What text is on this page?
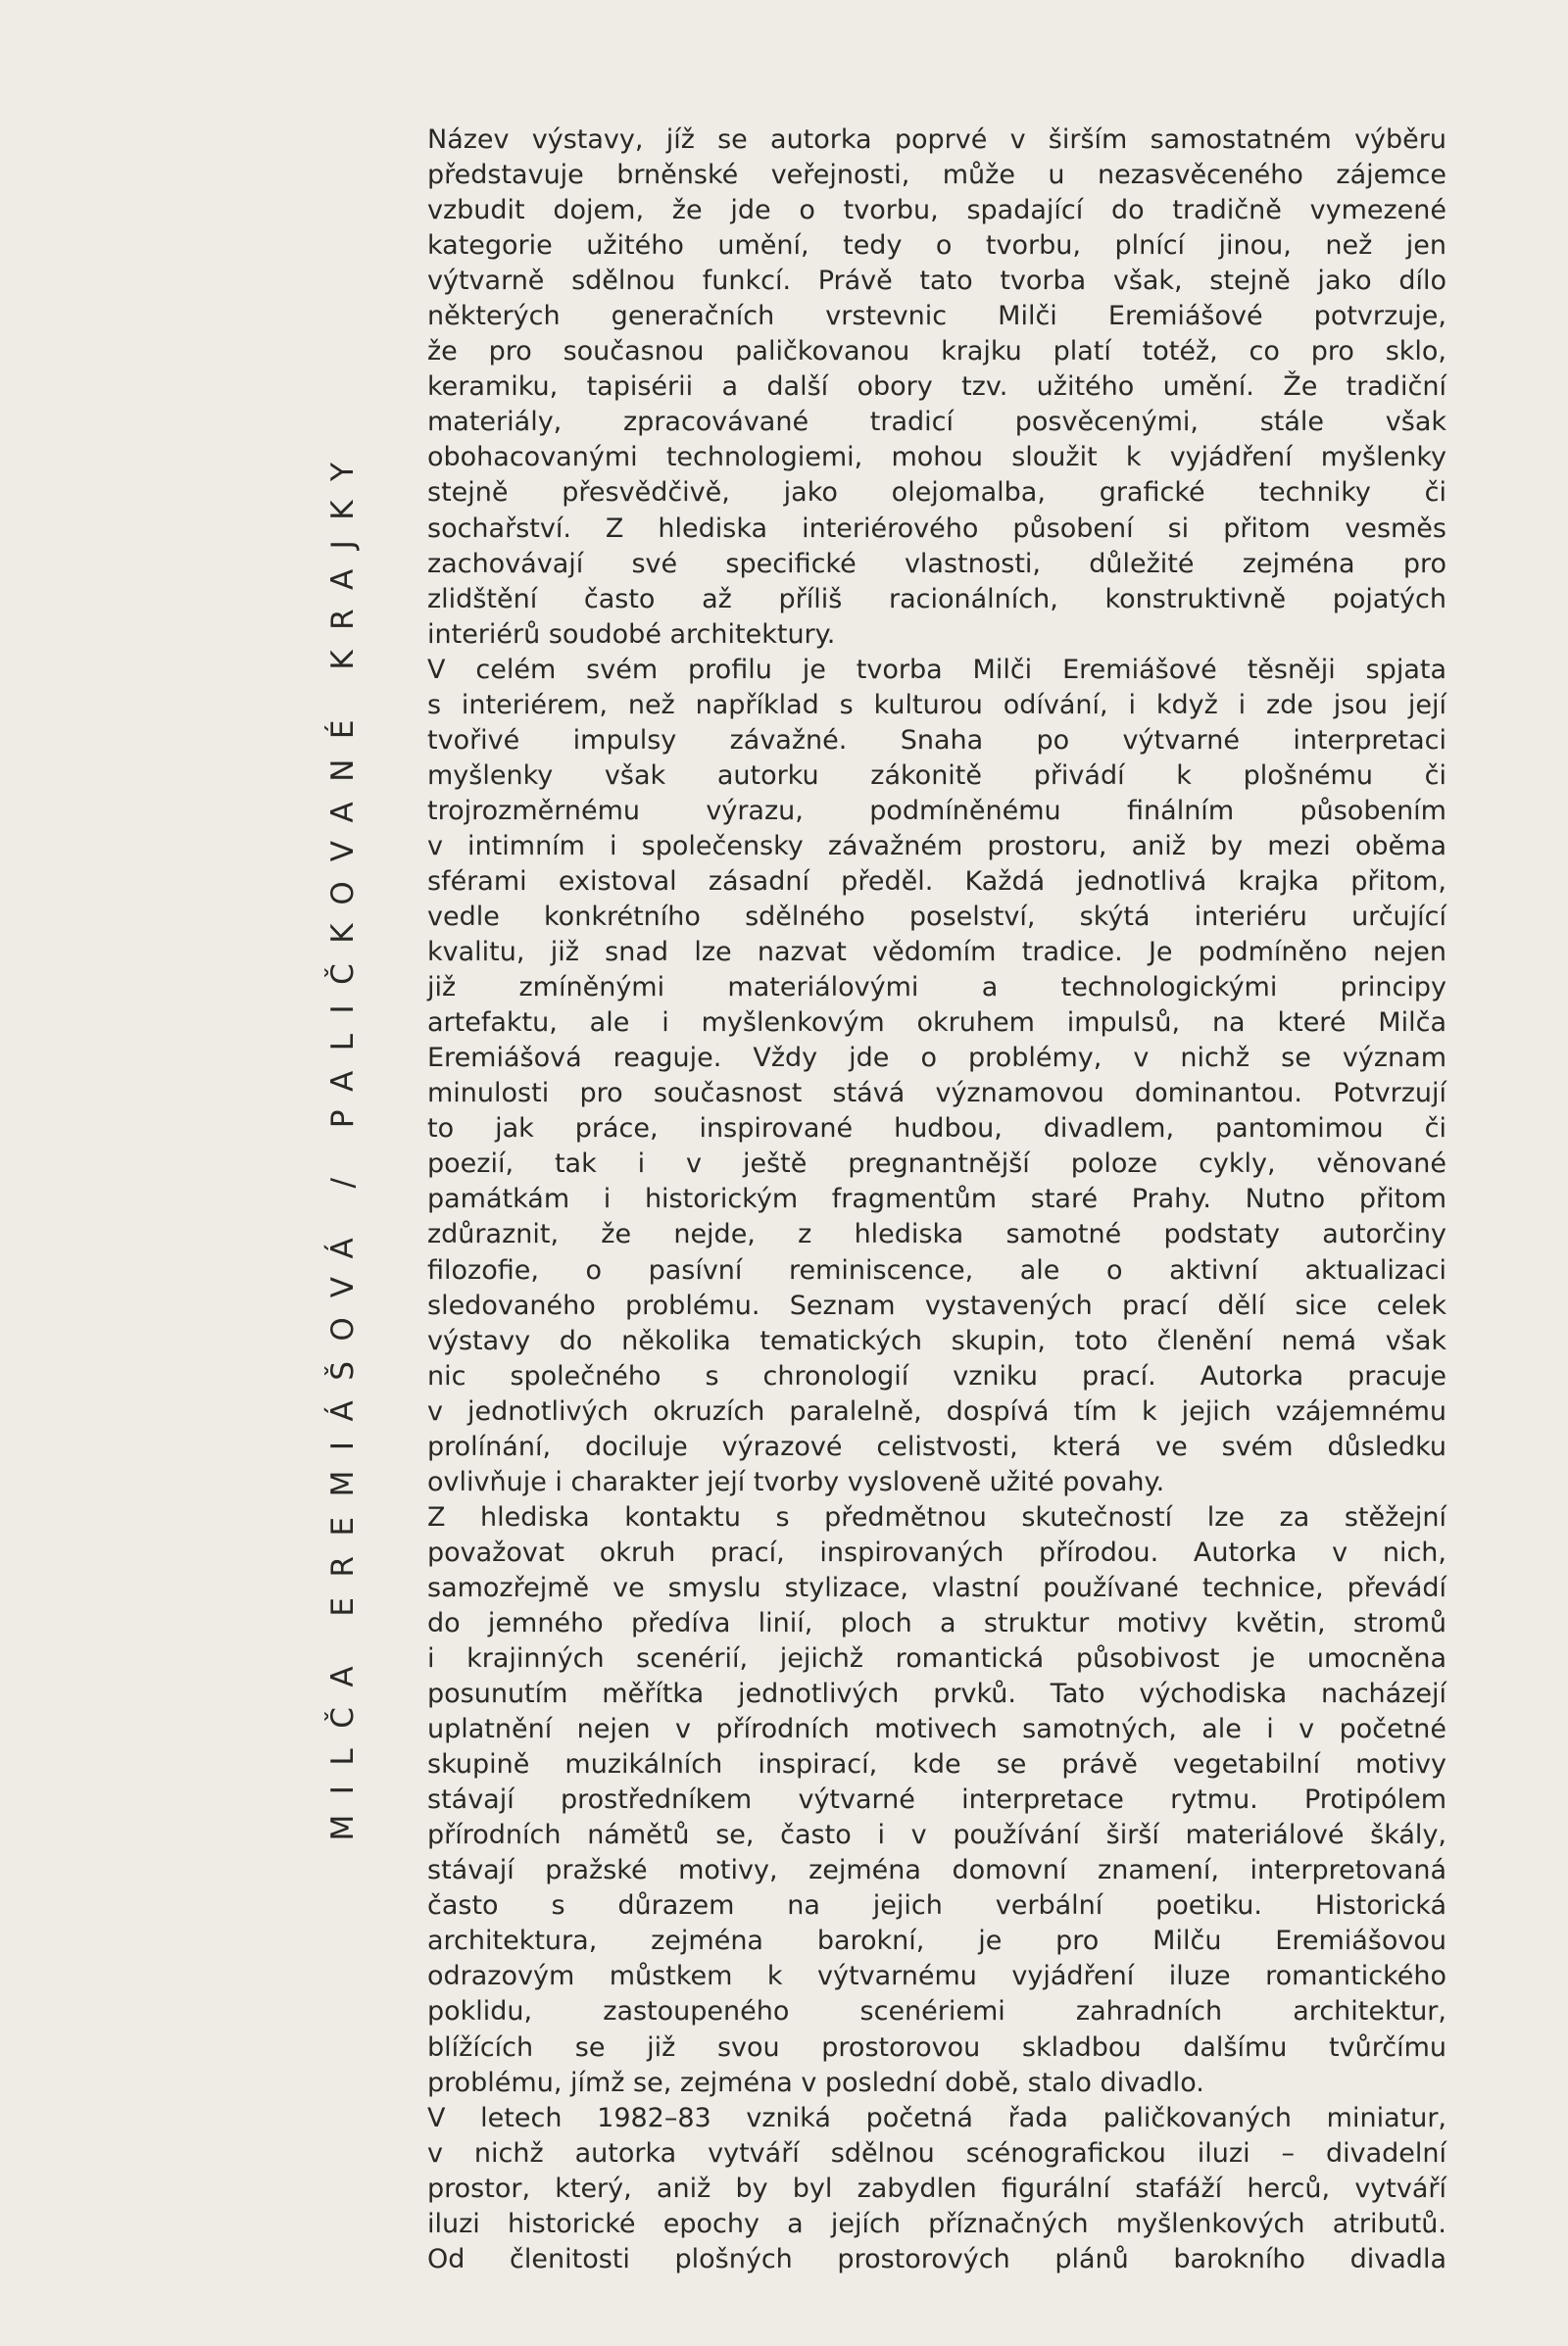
MILČA EREMIÁŠOVÁ / PALIČKOVANÉ KRAJKY
Název výstavy, jíž se autorka poprvé v širším samostatném výběru
představuje brněnské veřejnosti, může u nezasvěceného zájemce
vzbudit dojem, že jde o tvorbu, spadající do tradičně vymezené
kategorie užitého umění, tedy o tvorbu, plnící jinou, než jen
výtvarně sdělnou funkcí. Právě tato tvorba však, stejně jako dílo
některých generačních vrstevnic Milči Eremiášové potvrzuje,
že pro současnou paličkovanou krajku platí totéž, co pro sklo,
keramiku, tapisérii a další obory tzv. užitého umění. Že tradiční
materiály, zpracovávané tradicí posvěcenými, stále však
obohacovanými technologiemi, mohou sloužit k vyjádření myšlenky
stejně přesvědčivě, jako olejomalba, grafické techniky či
sochařství. Z hlediska interiérového působení si přitom vesměs
zachovávají své specifické vlastnosti, důležité zejména pro
zlidštění často až příliš racionálních, konstruktivně pojatých
interiérů soudobé architektury.
V celém svém profilu je tvorba Milči Eremiášové těsněji spjata
s interiérem, než například s kulturou odívání, i když i zde jsou její
tvořivé impulsy závažné. Snaha po výtvarné interpretaci
myšlenky však autorku zákonitě přivádí k plošnému či
trojrozměrnému výrazu, podmíněnému finálním působením
v intimním i společensky závažném prostoru, aniž by mezi oběma
sférami existoval zásadní předěl. Každá jednotlivá krajka přitom,
vedle konkrétního sdělného poselství, skýtá interiéru určující
kvalitu, již snad lze nazvat vědomím tradice. Je podmíněno nejen
již zmíněnými materiálovými a technologickými principy
artefaktu, ale i myšlenkovým okruhem impulsů, na které Milča
Eremiášová reaguje. Vždy jde o problémy, v nichž se význam
minulosti pro současnost stává významovou dominantou. Potvrzují
to jak práce, inspirované hudbou, divadlem, pantomimou či
poezií, tak i v ještě pregnantnější poloze cykly, věnované
památkám i historickým fragmentům staré Prahy. Nutno přitom
zdůraznit, že nejde, z hlediska samotné podstaty autorčiny
filozofie, o pasívní reminiscence, ale o aktivní aktualizaci
sledovaného problému. Seznam vystavených prací dělí sice celek
výstavy do několika tematických skupin, toto členění nemá však
nic společného s chronologií vzniku prací. Autorka pracuje
v jednotlivých okruzích paralelně, dospívá tím k jejich vzájemnému
prolínání, dociluje výrazové celistvosti, která ve svém důsledku
ovlivňuje i charakter její tvorby vysloveně užité povahy.
Z hlediska kontaktu s předmětnou skutečností lze za stěžejní
považovat okruh prací, inspirovaných přírodou. Autorka v nich,
samozřejmě ve smyslu stylizace, vlastní používané technice, převádí
do jemného předíva linií, ploch a struktur motivy květin, stromů
i krajinných scenérií, jejichž romantická působivost je umocněna
posunutím měřítka jednotlivých prvků. Tato východiska nacházejí
uplatnění nejen v přírodních motivech samotných, ale i v početné
skupině muzikálních inspirací, kde se právě vegetabilní motivy
stávají prostředníkem výtvarné interpretace rytmu. Protipólem
přírodních námětů se, často i v používání širší materiálové škály,
stávají pražské motivy, zejména domovní znamení, interpretovaná
často s důrazem na jejich verbální poetiku. Historická
architektura, zejména barokní, je pro Milču Eremiášovou
odrazovým můstkem k výtvarnému vyjádření iluze romantického
poklidu, zastoupeného scenériemi zahradních architektur,
blížících se již svou prostorovou skladbou dalšímu tvůrčímu
problému, jímž se, zejména v poslední době, stalo divadlo.
V letech 1982–83 vzniká početná řada paličkovaných miniatur,
v nichž autorka vytváří sdělnou scénografickou iluzi – divadelní
prostor, který, aniž by byl zabydlen figurální stafáží herců, vytváří
iluzi historické epochy a jejích příznačných myšlenkových atributů.
Od členitosti plošných prostorových plánů barokního divadla
